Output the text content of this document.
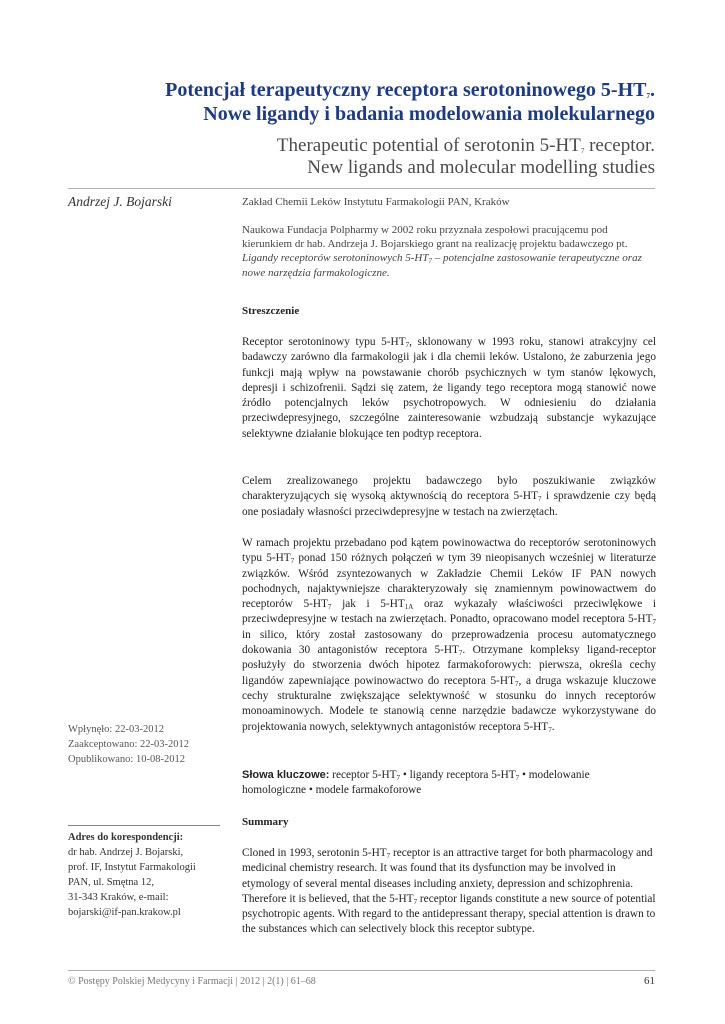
Potencjał terapeutyczny receptora serotoninowego $5-HT_7$.
Nowe ligandy i badania modelowania molekularnego
Therapeutic potential of serotonin $5-HT_7$ receptor.
New ligands and molecular modelling studies
Andrzej J. Bojarski	Zakład Chemii Leków Instytutu Farmakologii PAN, Kraków
Naukowa Fundacja Polpharmy w 2002 roku przyznała zespołowi pracującemu pod kierunkiem dr hab. Andrzeja J. Bojarskiego grant na realizację projektu badawczego pt. Ligandy receptorów serotoninowych $5-HT_7$ – potencjalne zastosowanie terapeutyczne oraz nowe narzędzia farmakologiczne.
Streszczenie
Receptor serotoninowy typu $5-HT_7$, sklonowany w 1993 roku, stanowi atrakcyjny cel badawczy zarówno dla farmakologii jak i dla chemii leków. Ustalono, że zaburzenia jego funkcji mają wpływ na powstawanie chorób psychicznych w tym stanów lękowych, depresji i schizofrenii. Sądzi się zatem, że ligandy tego receptora mogą stanowić nowe źródło potencjalnych leków psychotropowych. W odniesieniu do działania przeciwdepresyjnego, szczególne zainteresowanie wzbudzają substancje wykazujące selektywne działanie blokujące ten podtyp receptora.
Celem zrealizowanego projektu badawczego było poszukiwanie związków charakteryzujących się wysoką aktywnością do receptora $5-HT_7$ i sprawdzenie czy będą one posiadały własności przeciwdepresyjne w testach na zwierzętach.
W ramach projektu przebadano pod kątem powinowactwa do receptorów serotoninowych typu $5-HT_7$ ponad 150 różnych połączeń w tym 39 nieopisanych wcześniej w literaturze związków. Wśród zsyntezowanych w Zakładzie Chemii Leków IF PAN nowych pochodnych, najaktywniejsze charakteryzowały się znamiennym powinowactwem do receptorów $5-HT_7$ jak i $5-HT_{1A}$ oraz wykazały właściwości przeciwlękowe i przeciwdepresyjne w testach na zwierzętach. Ponadto, opracowano model receptora $5-HT_7$ in silico, który został zastosowany do przeprowadzenia procesu automatycznego dokowania 30 antagonistów receptora $5-HT_7$. Otrzymane kompleksy ligand-receptor posłużyły do stworzenia dwóch hipotez farmakoforowych: pierwsza, określa cechy ligandów zapewniające powinowactwo do receptora $5-HT_7$, a druga wskazuje kluczowe cechy strukturalne zwiększające selektywność w stosunku do innych receptorów monoaminowych. Modele te stanowią cenne narzędzie badawcze wykorzystywane do projektowania nowych, selektywnych antagonistów receptora $5-HT_7$.
Słowa kluczowe: receptor $5-HT_7$ • ligandy receptora $5-HT_7$ • modelowanie homologiczne • modele farmakoforowe
Summary
Cloned in 1993, serotonin $5-HT_7$ receptor is an attractive target for both pharmacology and medicinal chemistry research. It was found that its dysfunction may be involved in etymology of several mental diseases including anxiety, depression and schizophrenia. Therefore it is believed, that the $5-HT_7$ receptor ligands constitute a new source of potential psychotropic agents. With regard to the antidepressant therapy, special attention is drawn to the substances which can selectively block this receptor subtype.
Wpłynęło: 22-03-2012
Zaakceptowano: 22-03-2012
Opublikowano: 10-08-2012
Adres do korespondencji:
dr hab. Andrzej J. Bojarski,
prof. IF, Instytut Farmakologii
PAN, ul. Smętna 12,
31-343 Kraków, e-mail:
bojarski@if-pan.krakow.pl
© Postępy Polskiej Medycyny i Farmacji | 2012 | 2(1) | 61–68	61
